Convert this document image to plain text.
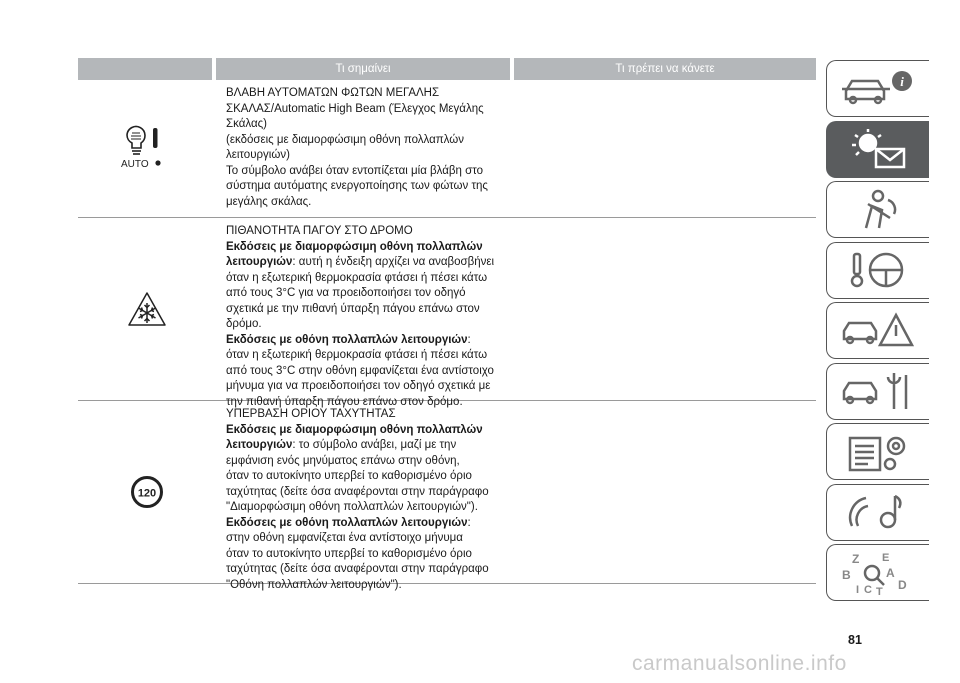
Τι σημαίνει	Τι πρέπει να κάνετε
AUTO

ΒΛΑΒΗ ΑΥΤΟΜΑΤΩΝ ΦΩΤΩΝ ΜΕΓΑΛΗΣ

ΣΚΑΛΑΣ/Automatic High Beam (Έλεγχος Μεγάλης

Σκάλας)

(εκδόσεις με διαμορφώσιμη οθόνη πολλαπλών

λειτουργιών)

Το σύμβολο ανάβει όταν εντοπίζεται μία βλάβη στο

σύστημα αυτόματης ενεργοποίησης των φώτων της

μεγάλης σκάλας.

ΠΙΘΑΝΟΤΗΤΑ ΠΑΓΟΥ ΣΤΟ ΔΡΟΜΟ

Εκδόσεις με διαμορφώσιμη οθόνη πολλαπλών

λειτουργιών: αυτή η ένδειξη αρχίζει να αναβοσβήνει

όταν η εξωτερική θερμοκρασία φτάσει ή πέσει κάτω

από τους 3°C για να προειδοποιήσει τον οδηγό

σχετικά με την πιθανή ύπαρξη πάγου επάνω στον

δρόμο.

Εκδόσεις με οθόνη πολλαπλών λειτουργιών:

όταν η εξωτερική θερμοκρασία φτάσει ή πέσει κάτω

από τους 3°C στην οθόνη εμφανίζεται ένα αντίστοιχο

μήνυμα για να προειδοποιήσει τον οδηγό σχετικά με

την πιθανή ύπαρξη πάγου επάνω στον δρόμο.

120

ΥΠΕΡΒΑΣΗ ΟΡΙΟΥ ΤΑΧΥΤΗΤΑΣ

Εκδόσεις με διαμορφώσιμη οθόνη πολλαπλών

λειτουργιών: το σύμβολο ανάβει, μαζί με την

εμφάνιση ενός μηνύματος επάνω στην οθόνη,

όταν το αυτοκίνητο υπερβεί το καθορισμένο όριο

ταχύτητας (δείτε όσα αναφέρονται στην παράγραφο

"Διαμορφώσιμη οθόνη πολλαπλών λειτουργιών").

Εκδόσεις με οθόνη πολλαπλών λειτουργιών:

στην οθόνη εμφανίζεται ένα αντίστοιχο μήνυμα

όταν το αυτοκίνητο υπερβεί το καθορισμένο όριο

ταχύτητας (δείτε όσα αναφέρονται στην παράγραφο

"Οθόνη πολλαπλών λειτουργιών").

i
Z E
B	A
I C T D
81
carmanualsonline.info
